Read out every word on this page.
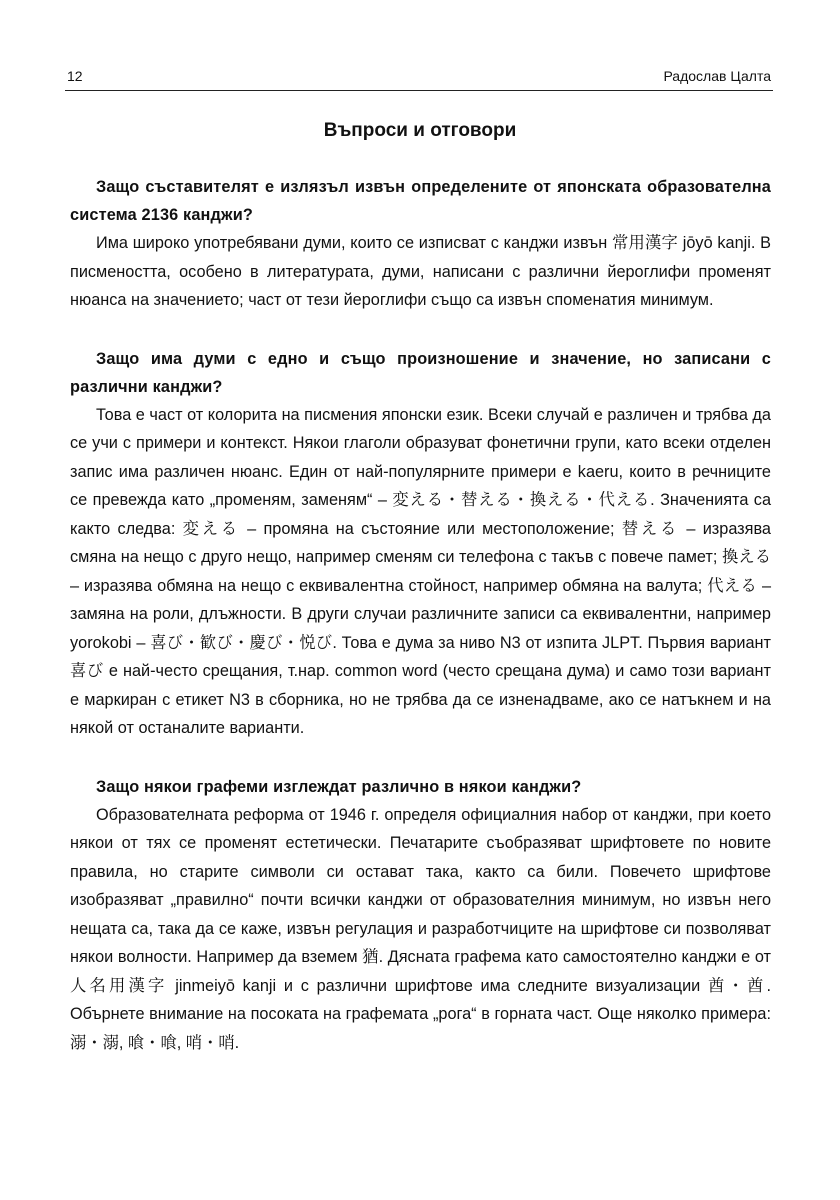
12	Радослав Цалта
Въпроси и отговори

Защо съставителят е излязъл извън определените от японската образователна система 2136 канджи?

Има широко употребявани думи, които се изписват с канджи извън 常用漢字 jōyō kanji. В писмеността, особено в литературата, думи, написани с различни йероглифи променят нюанса на значението; част от тези йероглифи също са извън споменатия минимум.

Защо има думи с едно и също произношение и значение, но записани с различни канджи?

Това е част от колорита на писмения японски език. Всеки случай е различен и трябва да се учи с примери и контекст. Някои глаголи образуват фонетични групи, като всеки отделен запис има различен нюанс. Един от най-популярните примери е kaeru, които в речниците се превежда като „променям, заменям“ – 変える・替える・換える・代える. Значенията са както следва: 変える – промяна на състояние или местоположение; 替える – изразява смяна на нещо с друго нещо, например сменям си телефона с такъв с повече памет; 換える – изразява обмяна на нещо с еквивалентна стойност, например обмяна на валута; 代える – замяна на роли, длъжности. В други случаи различните записи са еквивалентни, например yorokobi – 喜び・歓び・慶び・悦び. Това е дума за ниво N3 от изпита JLPT. Първия вариант 喜び е най-често срещания, т.нар. common word (често срещана дума) и само този вариант е маркиран с етикет N3 в сборника, но не трябва да се изненадваме, ако се натъкнем и на някой от останалите варианти.

Защо някои графеми изглеждат различно в някои канджи?

Образователната реформа от 1946 г. определя официалния набор от канджи, при което някои от тях се променят естетически. Печатарите съобразяват шрифтовете по новите правила, но старите символи си остават така, както са били. Повечето шрифтове изобразяват „правилно“ почти всички канджи от образователния минимум, но извън него нещата са, така да се каже, извън регулация и разработчиците на шрифтове си позволяват някои волности. Например да вземем 猶. Дясната графема като самостоятелно канджи е от 人名用漢字 jinmeiyō kanji и с различни шрифтове има следните визуализации 酋・酋. Обърнете внимание на посоката на графемата „рога“ в горната част. Още няколко примера: 溺・溺, 喰・喰, 哨・哨.
